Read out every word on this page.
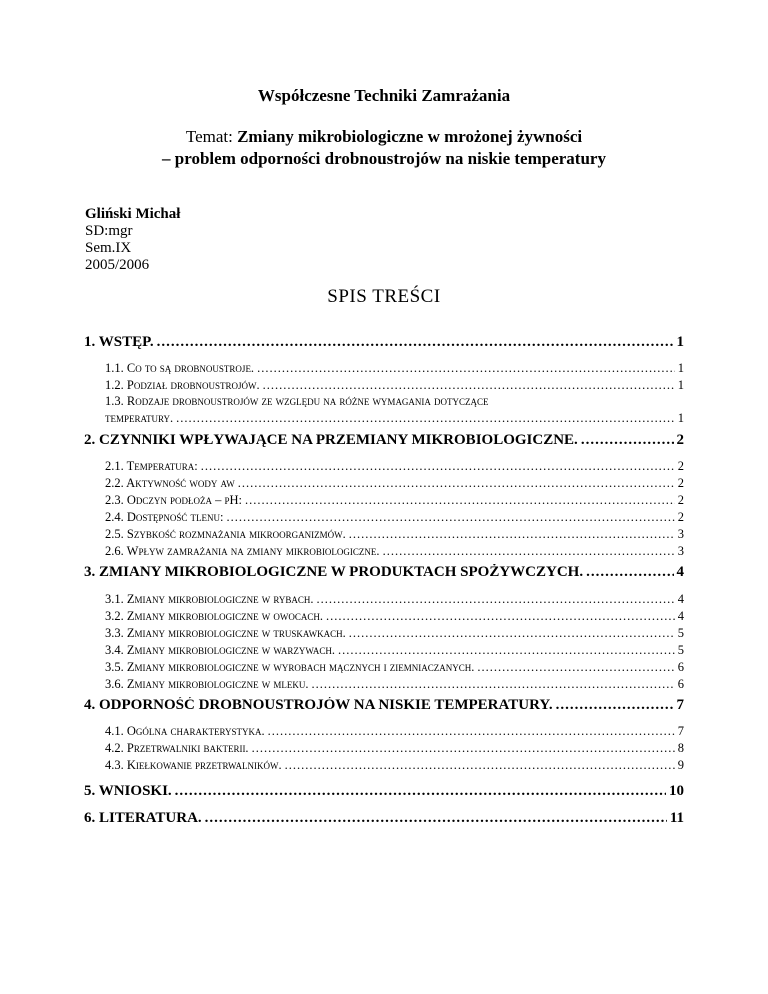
Współczesne Techniki Zamrażania
Temat: Zmiany mikrobiologiczne w mrożonej żywności
– problem odporności drobnoustrojów na niskie temperatury
Gliński Michał
SD:mgr
Sem.IX
2005/2006
SPIS TREŚCI
1. WSTĘP. .....	1
1.1. Co to są drobnoustroje. .....	1
1.2. Podział drobnoustrojów. .....	1
1.3. Rodzaje drobnoustrojów ze względu na różne wymagania dotyczące
temperatury. .....	1
2. CZYNNIKI WPŁYWAJĄCE NA PRZEMIANY MIKROBIOLOGICZNE. .....	2
2.1. Temperatura: .....	2
2.2. Aktywność wody aw .....	2
2.3. Odczyn podłoża – pH: .....	2
2.4. Dostępność tlenu: .....	2
2.5. Szybkość rozmnażania mikroorganizmów. .....	3
2.6. Wpływ zamrażania na zmiany mikrobiologiczne. .....	3
3. ZMIANY MIKROBIOLOGICZNE W PRODUKTACH SPOŻYWCZYCH. .....	4
3.1. Zmiany mikrobiologiczne w rybach. .....	4
3.2. Zmiany mikrobiologiczne w owocach. .....	4
3.3. Zmiany mikrobiologiczne w truskawkach. .....	5
3.4. Zmiany mikrobiologiczne w warzywach. .....	5
3.5. Zmiany mikrobiologiczne w wyrobach mącznych i ziemniaczanych. .....	6
3.6. Zmiany mikrobiologiczne w mleku. .....	6
4. ODPORNOŚĆ DROBNOUSTROJÓW NA NISKIE TEMPERATURY. .....	7
4.1. Ogólna charakterystyka. .....	7
4.2. Przetrwalniki bakterii. .....	8
4.3. Kiełkowanie przetrwalników. .....	9
5. WNIOSKI. .....	10
6. LITERATURA. .....	11
